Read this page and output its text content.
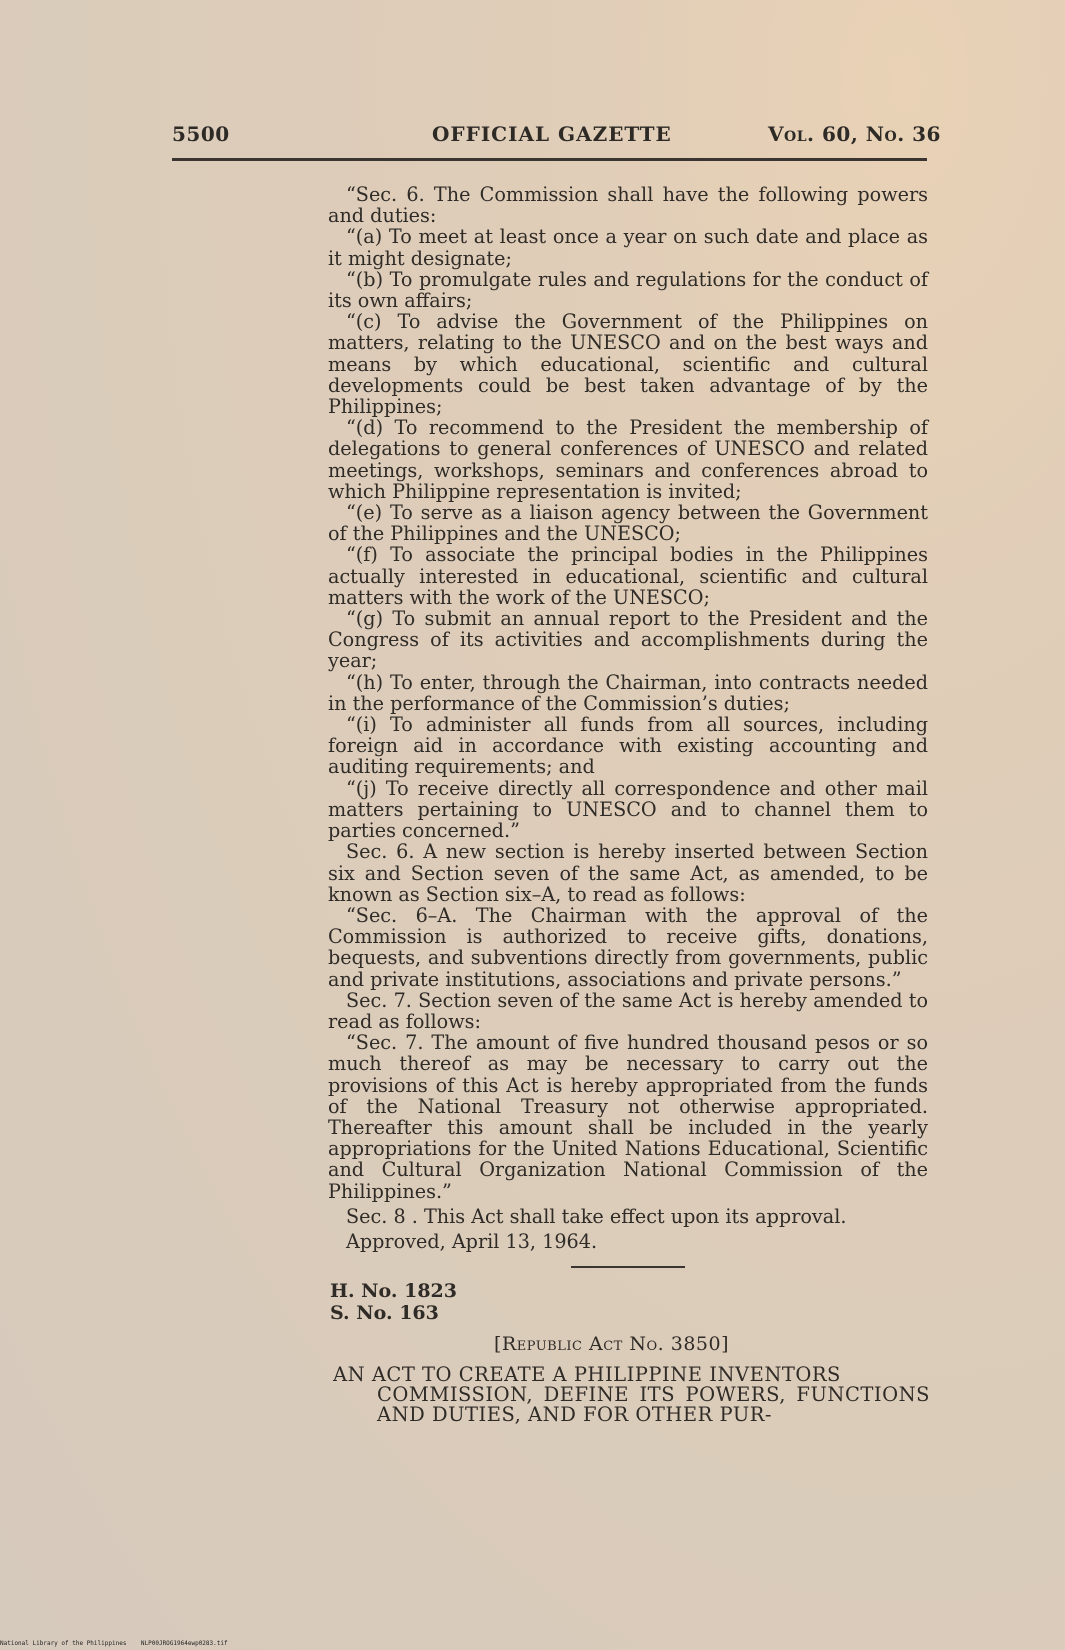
5500	OFFICIAL GAZETTE	Vol. 60, No. 36

“Sec. 6. The Commission shall have the following powers and duties:

“(a) To meet at least once a year on such date and place as it might designate;

“(b) To promulgate rules and regulations for the conduct of its own affairs;

“(c) To advise the Government of the Philippines on matters, relating to the UNESCO and on the best ways and means by which educational, scientific and cultural developments could be best taken advantage of by the Philippines;

“(d) To recommend to the President the membership of delegations to general conferences of UNESCO and related meetings, workshops, seminars and conferences abroad to which Philippine representation is invited;

“(e) To serve as a liaison agency between the Government of the Philippines and the UNESCO;

“(f) To associate the principal bodies in the Philippines actually interested in educational, scientific and cultural matters with the work of the UNESCO;

“(g) To submit an annual report to the President and the Congress of its activities and accomplishments during the year;

“(h) To enter, through the Chairman, into contracts needed in the performance of the Commission’s duties;

“(i) To administer all funds from all sources, including foreign aid in accordance with existing accounting and auditing requirements; and

“(j) To receive directly all correspondence and other mail matters pertaining to UNESCO and to channel them to parties concerned.”

Sec. 6. A new section is hereby inserted between Section six and Section seven of the same Act, as amended, to be known as Section six–A, to read as follows:

“Sec. 6–A. The Chairman with the approval of the Commission is authorized to receive gifts, donations, bequests, and subventions directly from governments, public and private institutions, associations and private persons.”

Sec. 7. Section seven of the same Act is hereby amended to read as follows:

“Sec. 7. The amount of five hundred thousand pesos or so much thereof as may be necessary to carry out the provisions of this Act is hereby appropriated from the funds of the National Treasury not otherwise appropriated. Thereafter this amount shall be included in the yearly appropriations for the United Nations Educational, Scientific and Cultural Organization National Commission of the Philippines.”

Sec. 8 . This Act shall take effect upon its approval.

Approved, April 13, 1964.

H. No. 1823
S. No. 163
[Republic Act No. 3850]
AN ACT TO CREATE A PHILIPPINE INVENTORS
COMMISSION, DEFINE ITS POWERS, FUNCTIONS AND DUTIES, AND FOR OTHER PUR-
National Library of the Philippines NLP00JROG1964ewp0283.tif
